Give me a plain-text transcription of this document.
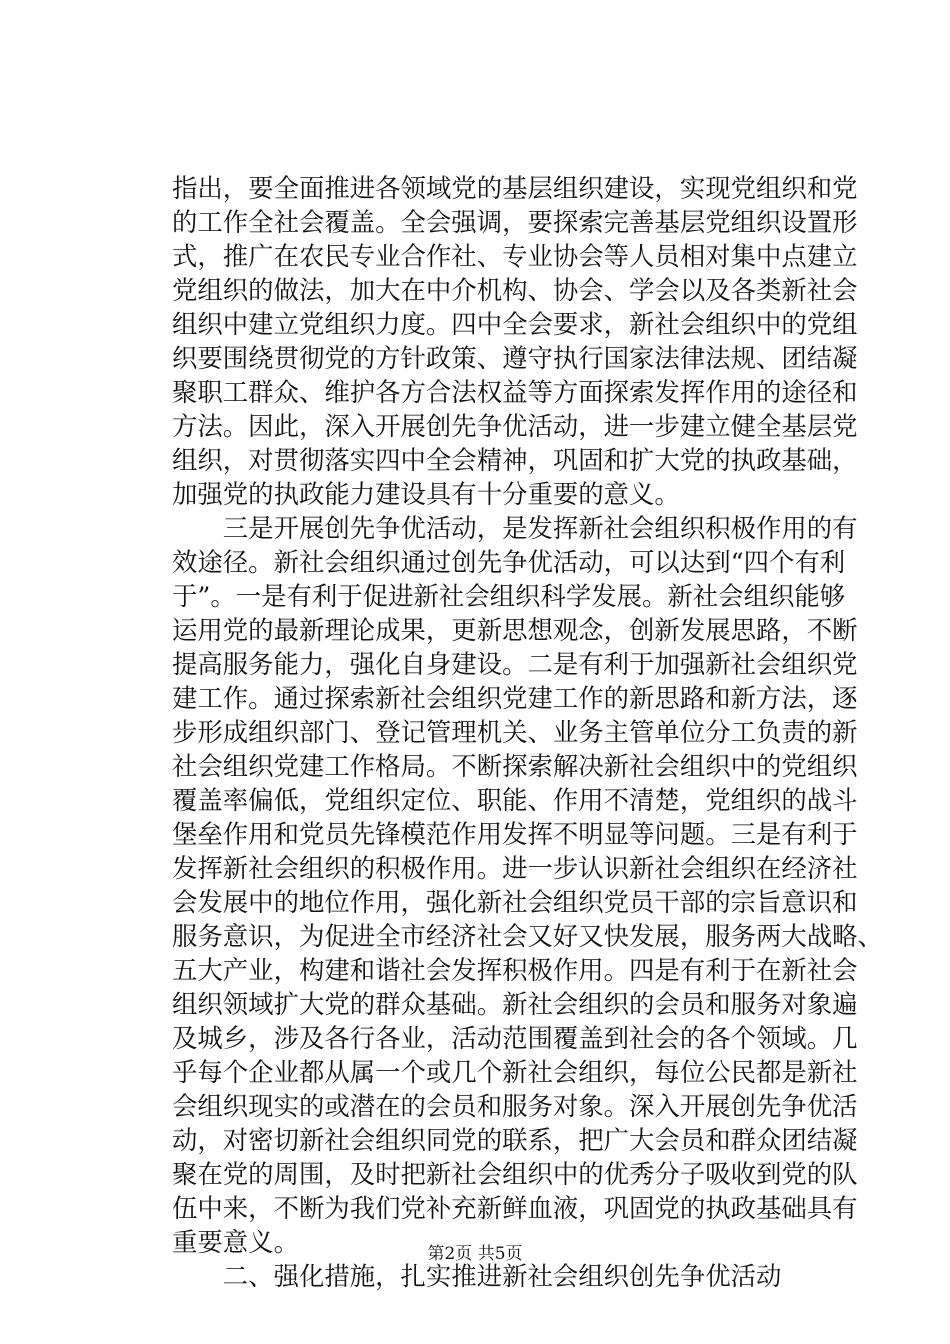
指出，要全面推进各领域党的基层组织建设，实现党组织和党
的工作全社会覆盖。全会强调，要探索完善基层党组织设置形
式，推广在农民专业合作社、专业协会等人员相对集中点建立
党组织的做法，加大在中介机构、协会、学会以及各类新社会
组织中建立党组织力度。四中全会要求，新社会组织中的党组
织要围绕贯彻党的方针政策、遵守执行国家法律法规、团结凝
聚职工群众、维护各方合法权益等方面探索发挥作用的途径和
方法。因此，深入开展创先争优活动，进一步建立健全基层党
组织，对贯彻落实四中全会精神，巩固和扩大党的执政基础，
加强党的执政能力建设具有十分重要的意义。
　　三是开展创先争优活动，是发挥新社会组织积极作用的有
效途径。新社会组织通过创先争优活动，可以达到“四个有利
于”。一是有利于促进新社会组织科学发展。新社会组织能够
运用党的最新理论成果，更新思想观念，创新发展思路，不断
提高服务能力，强化自身建设。二是有利于加强新社会组织党
建工作。通过探索新社会组织党建工作的新思路和新方法，逐
步形成组织部门、登记管理机关、业务主管单位分工负责的新
社会组织党建工作格局。不断探索解决新社会组织中的党组织
覆盖率偏低，党组织定位、职能、作用不清楚，党组织的战斗
堡垒作用和党员先锋模范作用发挥不明显等问题。三是有利于
发挥新社会组织的积极作用。进一步认识新社会组织在经济社
会发展中的地位作用，强化新社会组织党员干部的宗旨意识和
服务意识，为促进全市经济社会又好又快发展，服务两大战略、
五大产业，构建和谐社会发挥积极作用。四是有利于在新社会
组织领域扩大党的群众基础。新社会组织的会员和服务对象遍
及城乡，涉及各行各业，活动范围覆盖到社会的各个领域。几
乎每个企业都从属一个或几个新社会组织，每位公民都是新社
会组织现实的或潜在的会员和服务对象。深入开展创先争优活
动，对密切新社会组织同党的联系，把广大会员和群众团结凝
聚在党的周围，及时把新社会组织中的优秀分子吸收到党的队
伍中来，不断为我们党补充新鲜血液，巩固党的执政基础具有
重要意义。
　　二、强化措施，扎实推进新社会组织创先争优活动
第2页 共5页
